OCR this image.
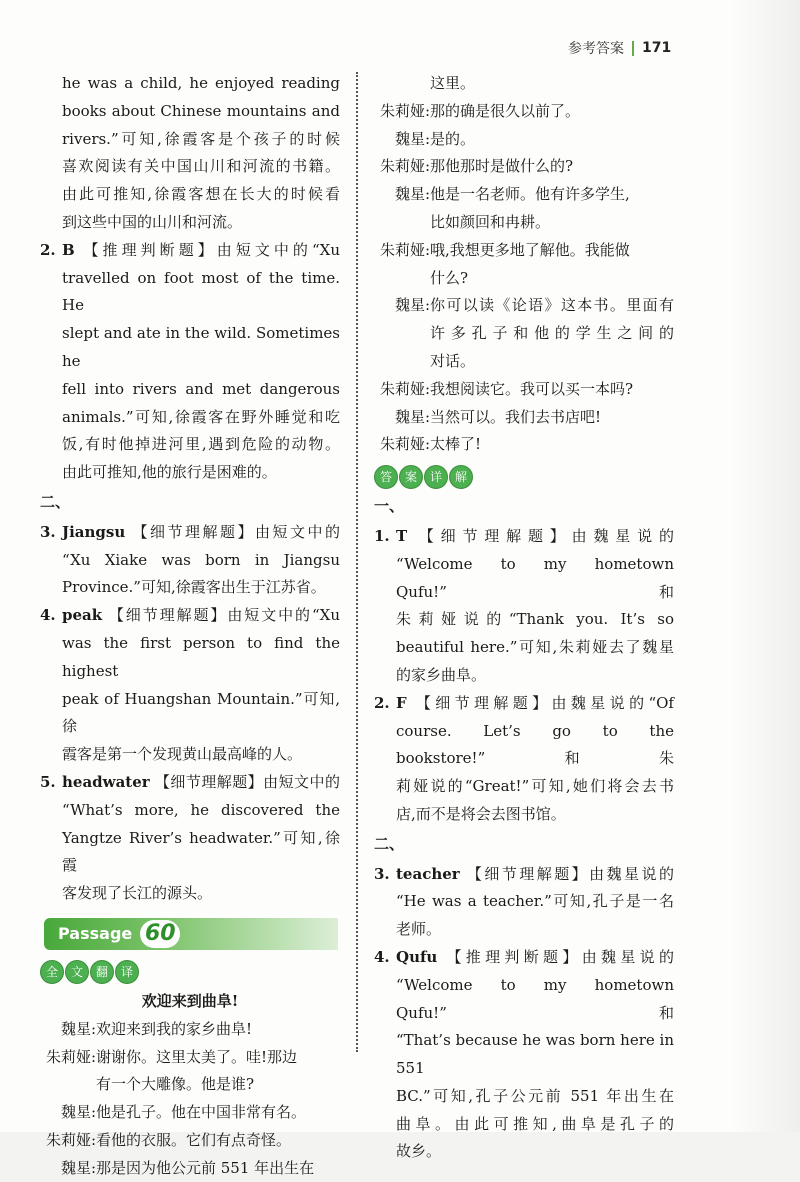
参考答案 171

he was a child, he enjoyed reading

books about Chinese mountains and

rivers.”可知,徐霞客是个孩子的时候

喜欢阅读有关中国山川和河流的书籍。

由此可推知,徐霞客想在长大的时候看

到这些中国的山川和河流。

2. B 【推理判断题】由短文中的“Xu

travelled on foot most of the time. He

slept and ate in the wild. Sometimes he

fell into rivers and met dangerous

animals.”可知,徐霞客在野外睡觉和吃

饭,有时他掉进河里,遇到危险的动物。

由此可推知,他的旅行是困难的。

二、

3. Jiangsu 【细节理解题】由短文中的

“Xu Xiake was born in Jiangsu

Province.”可知,徐霞客出生于江苏省。

4. peak 【细节理解题】由短文中的“Xu

was the first person to find the highest

peak of Huangshan Mountain.”可知,徐

霞客是第一个发现黄山最高峰的人。

5. headwater 【细节理解题】由短文中的

“What’s more, he discovered the

Yangtze River’s headwater.”可知,徐霞

客发现了长江的源头。

Passage 60
全	文	翻	译

欢迎来到曲阜!

魏星: 欢迎来到我的家乡曲阜!

朱莉娅: 谢谢你。这里太美了。哇!那边

有一个大雕像。他是谁?

魏星: 他是孔子。他在中国非常有名。

朱莉娅: 看他的衣服。它们有点奇怪。

魏星: 那是因为他公元前 551 年出生在

这里。

朱莉娅: 那的确是很久以前了。

魏星: 是的。

朱莉娅: 那他那时是做什么的?

魏星: 他是一名老师。他有许多学生,

比如颜回和冉耕。

朱莉娅: 哦,我想更多地了解他。我能做

什么?

魏星: 你可以读《论语》这本书。里面有

许多孔子和他的学生之间的

对话。

朱莉娅: 我想阅读它。我可以买一本吗?

魏星: 当然可以。我们去书店吧!

朱莉娅: 太棒了!

答	案	详	解

一、

1. T 【细节理解题】由魏星说的

“Welcome to my hometown Qufu!”和

朱莉娅说的“Thank you. It’s so

beautiful here.”可知,朱莉娅去了魏星

的家乡曲阜。

2. F 【细节理解题】由魏星说的“Of

course. Let’s go to the bookstore!”和朱

莉娅说的“Great!”可知,她们将会去书

店,而不是将会去图书馆。

二、

3. teacher 【细节理解题】由魏星说的

“He was a teacher.”可知,孔子是一名

老师。

4. Qufu 【推理判断题】由魏星说的

“Welcome to my hometown Qufu!”和

“That’s because he was born here in 551

BC.”可知,孔子公元前 551 年出生在

曲阜。由此可推知,曲阜是孔子的

故乡。
